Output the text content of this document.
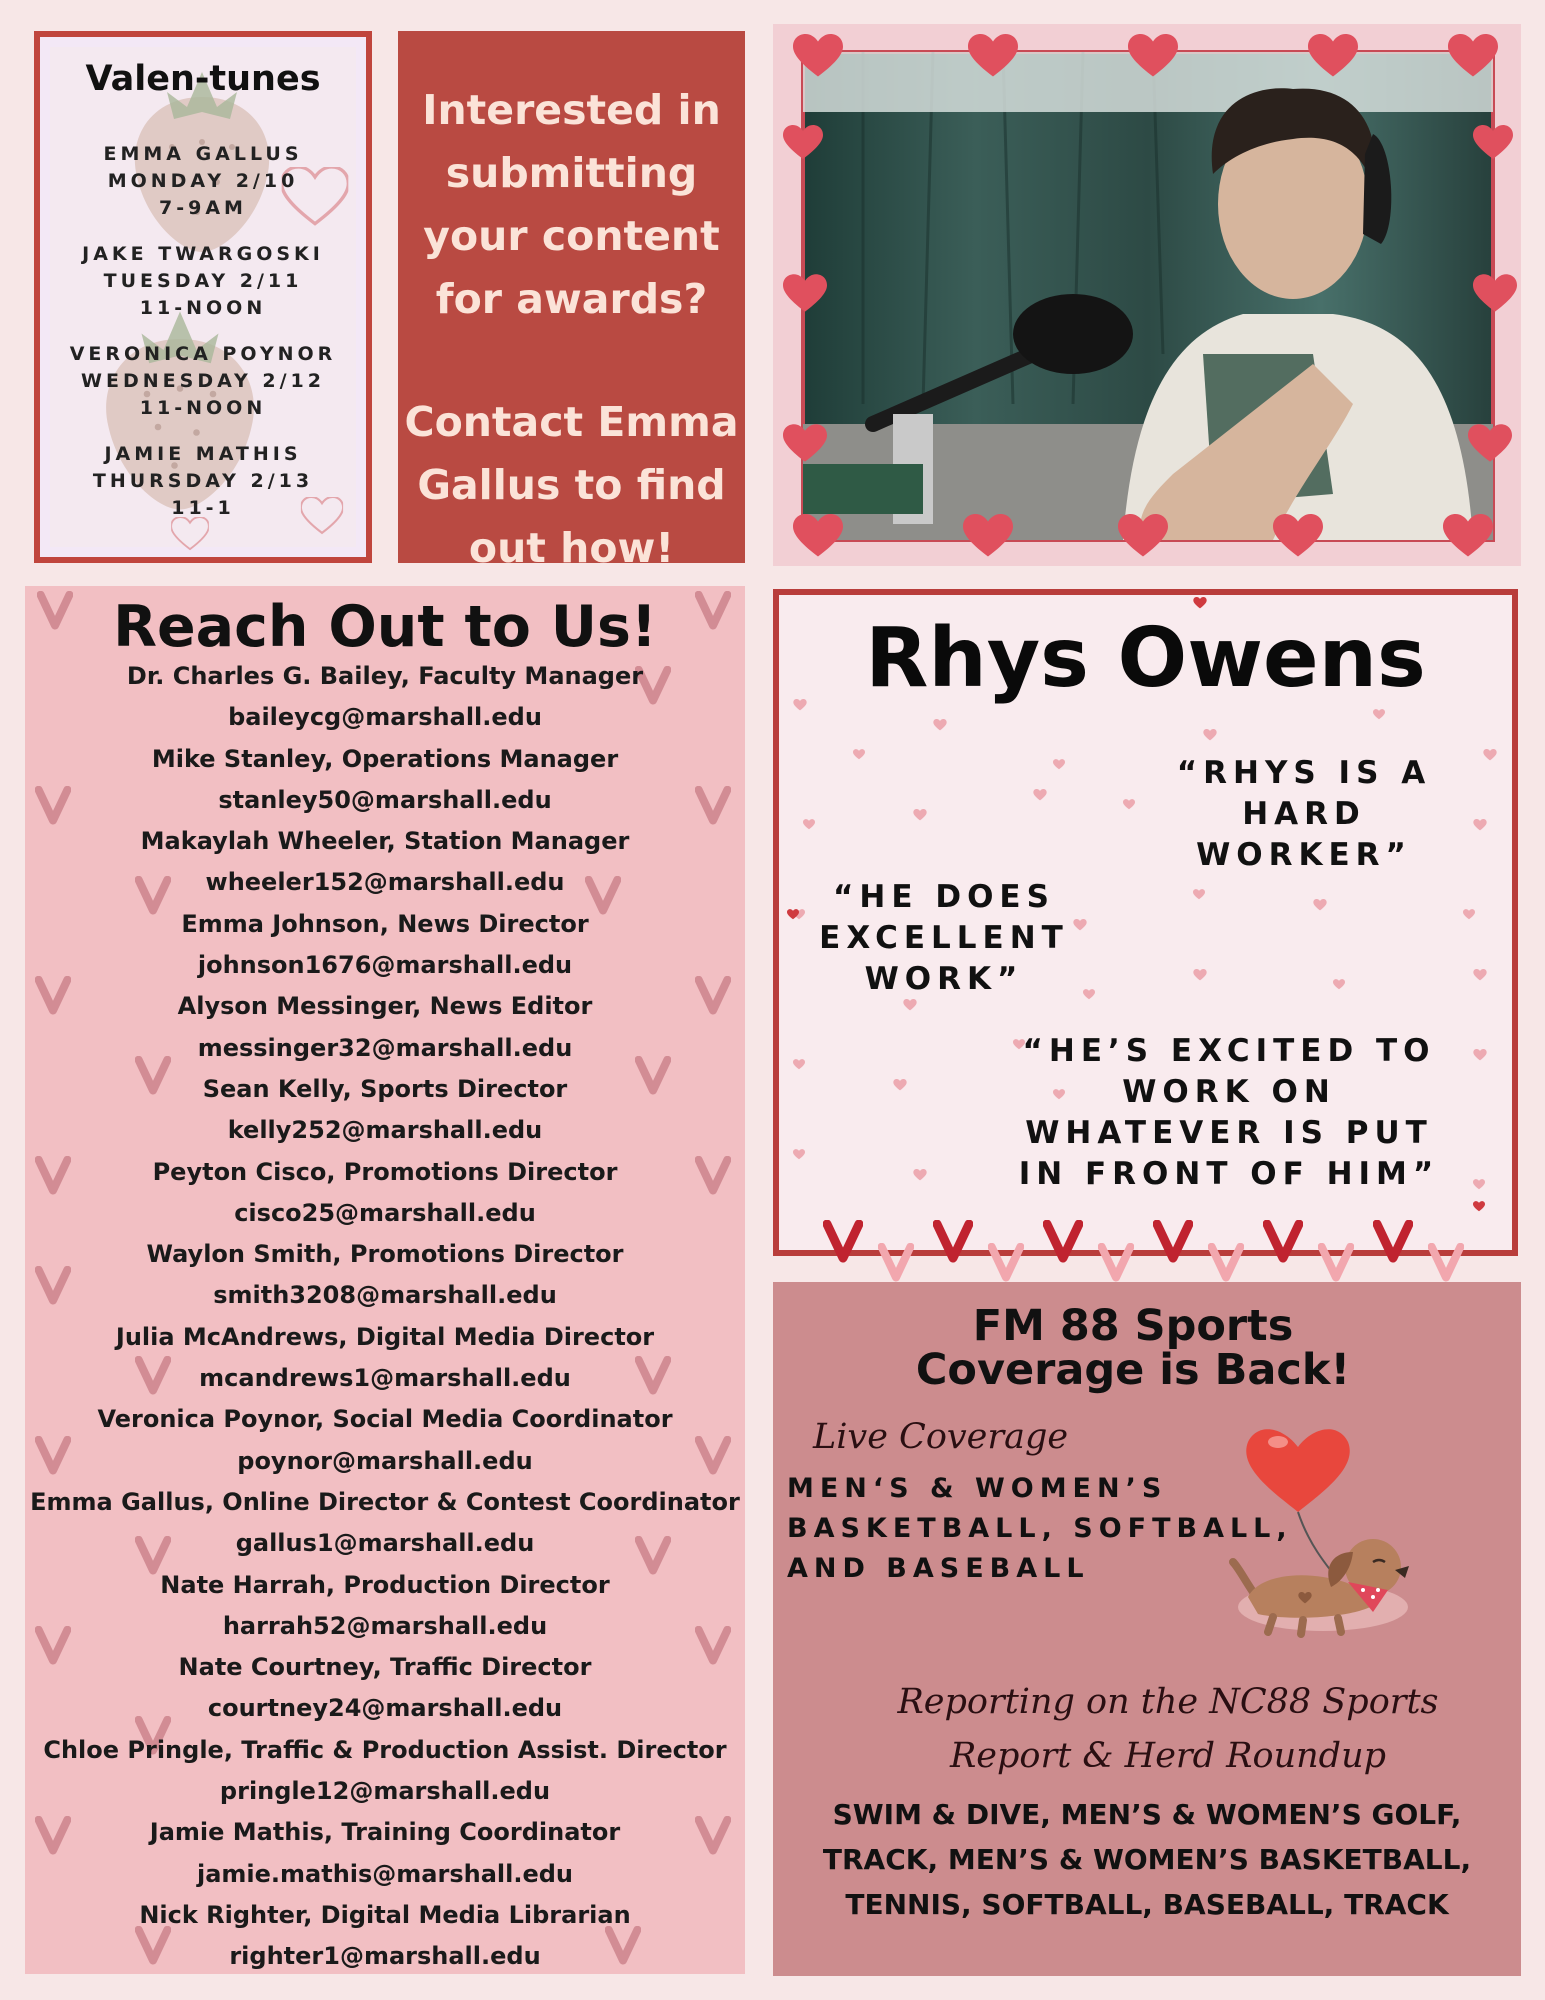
Valen-tunes
EMMA GALLUS
MONDAY 2/10
7-9AM
JAKE TWARGOSKI
TUESDAY 2/11
11-NOON
VERONICA POYNOR
WEDNESDAY 2/12
11-NOON
JAMIE MATHIS
THURSDAY 2/13
11-1
Interested in
submitting
your content
for awards?
Contact Emma
Gallus to find
out how!
Reach Out to Us!
Dr. Charles G. Bailey, Faculty Manager
baileycg@marshall.edu
Mike Stanley, Operations Manager
stanley50@marshall.edu
Makaylah Wheeler, Station Manager
wheeler152@marshall.edu
Emma Johnson, News Director
johnson1676@marshall.edu
Alyson Messinger, News Editor
messinger32@marshall.edu
Sean Kelly, Sports Director
kelly252@marshall.edu
Peyton Cisco, Promotions Director
cisco25@marshall.edu
Waylon Smith, Promotions Director
smith3208@marshall.edu
Julia McAndrews, Digital Media Director
mcandrews1@marshall.edu
Veronica Poynor, Social Media Coordinator
poynor@marshall.edu
Emma Gallus, Online Director & Contest Coordinator
gallus1@marshall.edu
Nate Harrah, Production Director
harrah52@marshall.edu
Nate Courtney, Traffic Director
courtney24@marshall.edu
Chloe Pringle, Traffic & Production Assist. Director
pringle12@marshall.edu
Jamie Mathis, Training Coordinator
jamie.mathis@marshall.edu
Nick Righter, Digital Media Librarian
righter1@marshall.edu
Rhys Owens
“RHYS IS A
HARD
WORKER”
“HE DOES
EXCELLENT
WORK”
“HE’S EXCITED TO
WORK ON
WHATEVER IS PUT
IN FRONT OF HIM”
FM 88 Sports
Coverage is Back!
Live Coverage
MEN‘S & WOMEN’S
BASKETBALL, SOFTBALL,
AND BASEBALL
Reporting on the NC88 Sports
Report & Herd Roundup
SWIM & DIVE, MEN’S & WOMEN’S GOLF,
TRACK, MEN’S & WOMEN’S BASKETBALL,
TENNIS, SOFTBALL, BASEBALL, TRACK
